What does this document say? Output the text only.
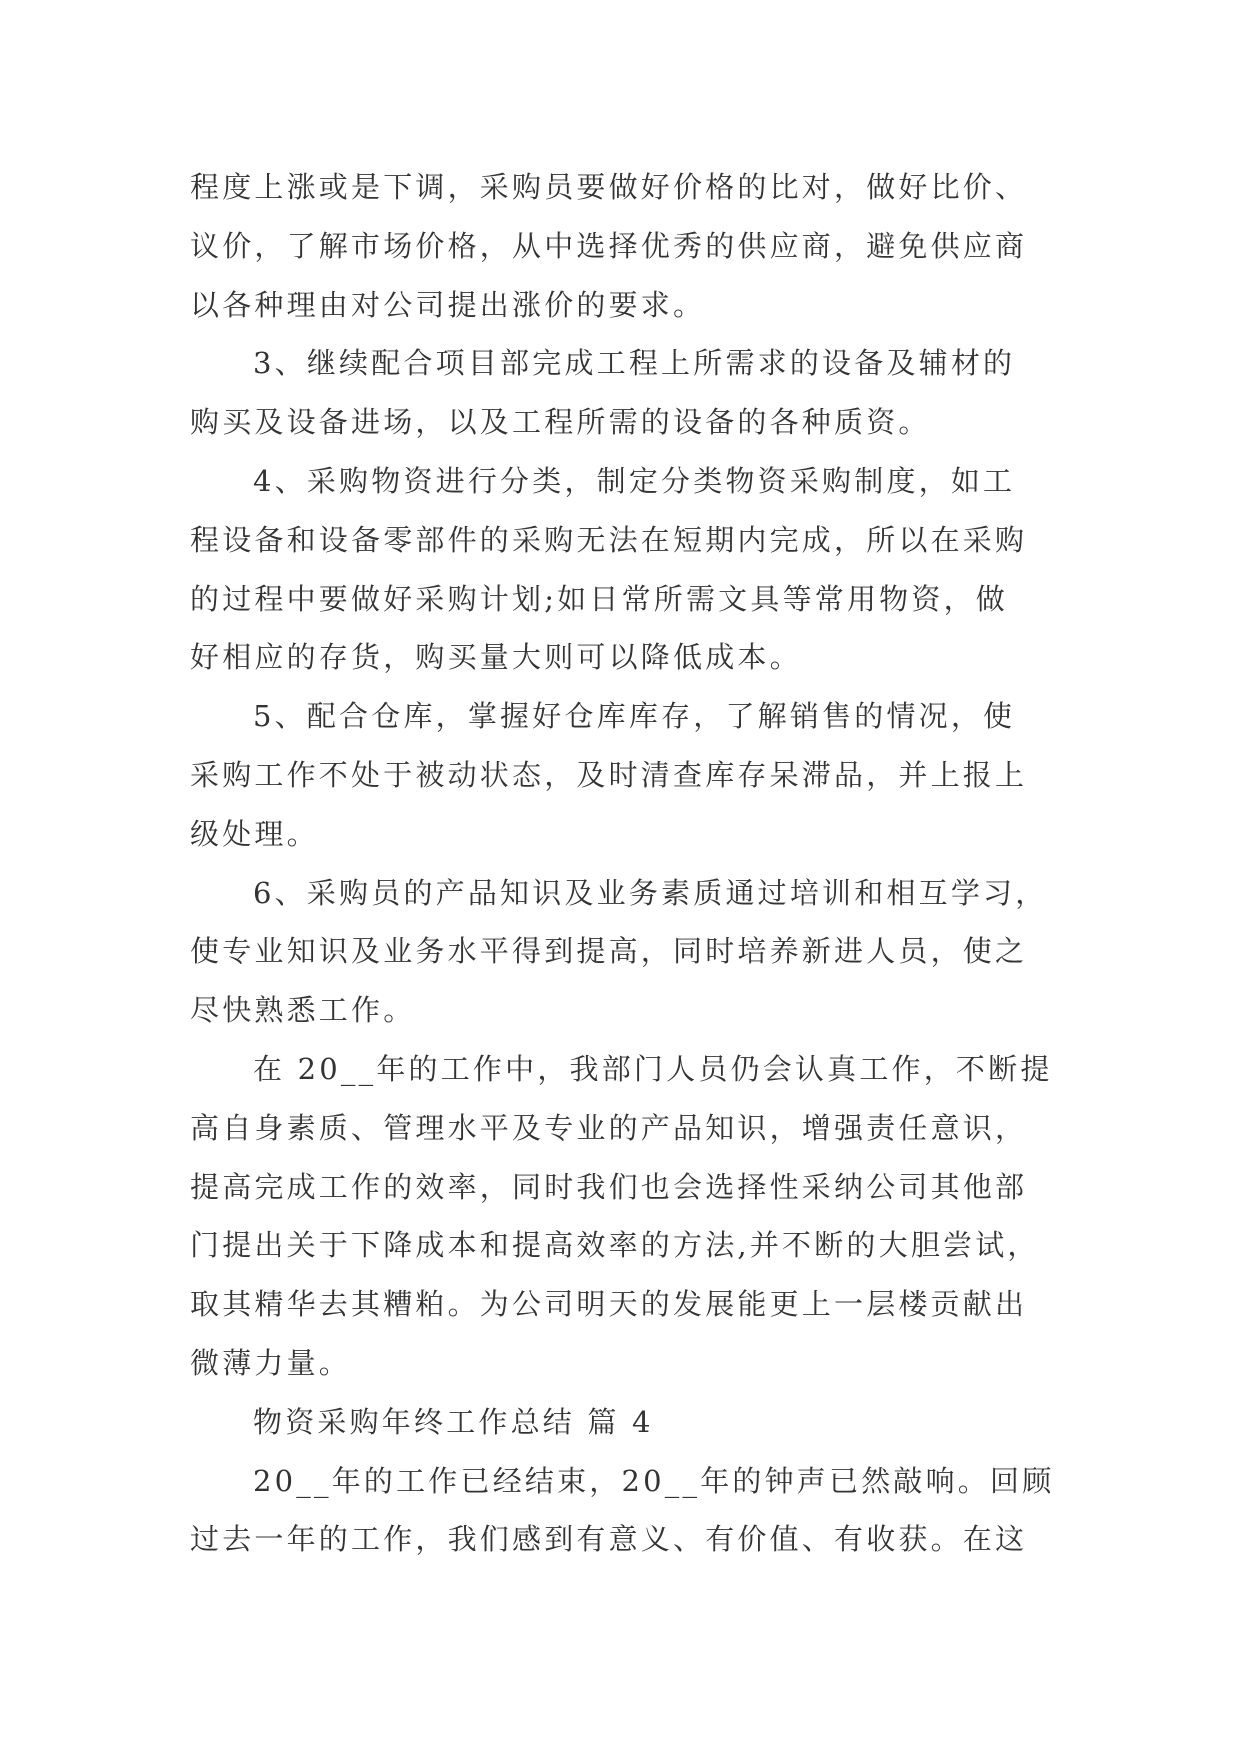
程度上涨或是下调，采购员要做好价格的比对，做好比价、
议价，了解市场价格，从中选择优秀的供应商，避免供应商
以各种理由对公司提出涨价的要求。
3、继续配合项目部完成工程上所需求的设备及辅材的
购买及设备进场，以及工程所需的设备的各种质资。
4、采购物资进行分类，制定分类物资采购制度，如工
程设备和设备零部件的采购无法在短期内完成，所以在采购
的过程中要做好采购计划;如日常所需文具等常用物资，做
好相应的存货，购买量大则可以降低成本。
5、配合仓库，掌握好仓库库存，了解销售的情况，使
采购工作不处于被动状态，及时清查库存呆滞品，并上报上
级处理。
6、采购员的产品知识及业务素质通过培训和相互学习，
使专业知识及业务水平得到提高，同时培养新进人员，使之
尽快熟悉工作。
在 20__年的工作中，我部门人员仍会认真工作，不断提
高自身素质、管理水平及专业的产品知识，增强责任意识，
提高完成工作的效率，同时我们也会选择性采纳公司其他部
门提出关于下降成本和提高效率的方法,并不断的大胆尝试，
取其精华去其糟粕。为公司明天的发展能更上一层楼贡献出
微薄力量。
物资采购年终工作总结 篇 4
20__年的工作已经结束，20__年的钟声已然敲响。回顾
过去一年的工作，我们感到有意义、有价值、有收获。在这
